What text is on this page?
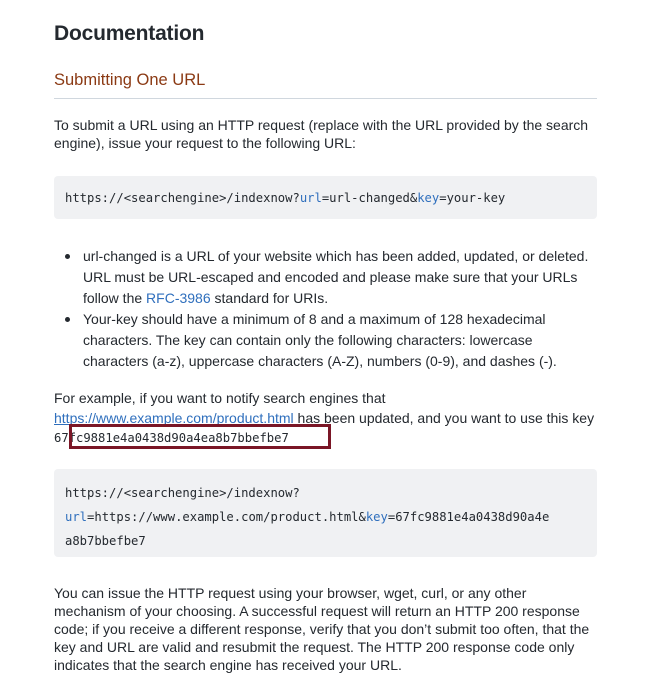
Documentation
Submitting One URL

To submit a URL using an HTTP request (replace with the URL provided by the search engine), issue your request to the following URL:

https://<searchengine>/indexnow?url=url-changed&key=your-key
url-changed is a URL of your website which has been added, updated, or deleted. URL must be URL-escaped and encoded and please make sure that your URLs follow the RFC-3986 standard for URIs.
Your-key should have a minimum of 8 and a maximum of 128 hexadecimal characters. The key can contain only the following characters: lowercase characters (a-z), uppercase characters (A-Z), numbers (0-9), and dashes (-).

For example, if you want to notify search engines that https://www.example.com/product.html has been updated, and you want to use this key 67fc9881e4a0438d90a4ea8b7bbefbe7

https://<searchengine>/indexnow?
url=https://www.example.com/product.html&key=67fc9881e4a0438d90a4e
a8b7bbefbe7

You can issue the HTTP request using your browser, wget, curl, or any other mechanism of your choosing. A successful request will return an HTTP 200 response code; if you receive a different response, verify that you don’t submit too often, that the key and URL are valid and resubmit the request. The HTTP 200 response code only indicates that the search engine has received your URL.
